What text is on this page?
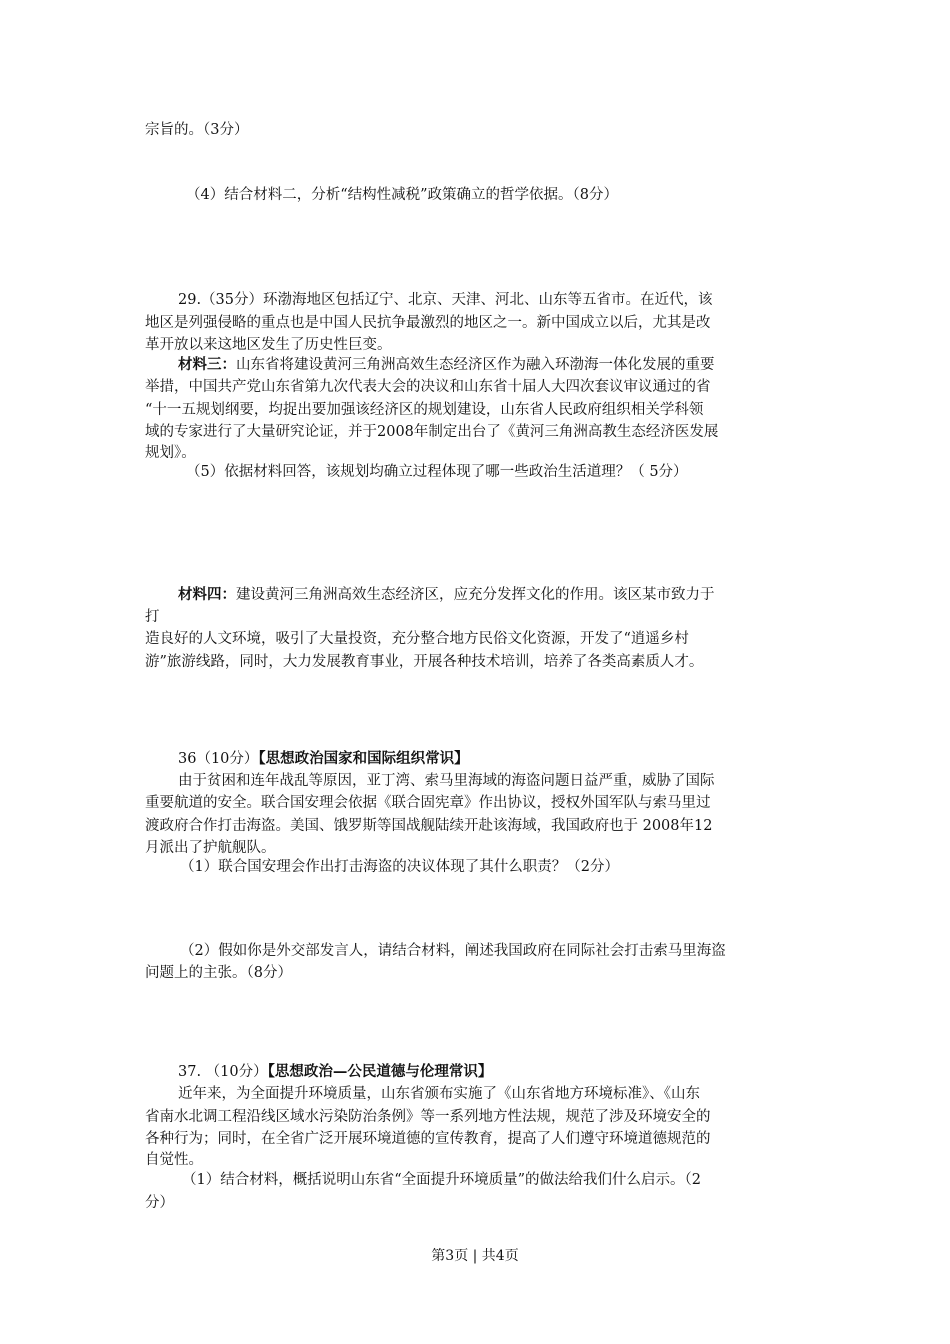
宗旨的。（3分）
（4）结合材料二，分析“结构性减税”政策确立的哲学依据。（8分）
29.（35分）环渤海地区包括辽宁、北京、天津、河北、山东等五省市。在近代，该
地区是列强侵略的重点也是中国人民抗争最激烈的地区之一。新中国成立以后，尤其是改
革开放以来这地区发生了历史性巨变。
材料三：山东省将建设黄河三角洲高效生态经济区作为融入环渤海一体化发展的重要
举措，中国共产党山东省第九次代表大会的决议和山东省十届人大四次套议审议通过的省
“十一五规划纲要，均捉出要加强该经济区的规划建设，山东省人民政府组织相关学科领
域的专家进行了大量研究论证，并于2008年制定出台了《黄河三角洲高教生态经济医发展
规划》。
（5）依据材料回答，该规划均确立过程体现了哪一些政治生活道理？（ 5分）
材料四：建设黄河三角洲高效生态经济区，应充分发挥文化的作用。该区某市致力于
打
造良好的人文环境，吸引了大量投资，充分整合地方民俗文化资源，开发了“逍遥乡村
游”旅游线路，同时，大力发展教育事业，开展各种技术培训，培养了各类高素质人才。
36（10分）【思想政治国家和国际组织常识】
由于贫困和连年战乱等原因，亚丁湾、索马里海域的海盗问题日益严重，威胁了国际
重要航道的安全。联合国安理会依据《联合固宪章》作出协议，授权外国军队与索马里过
渡政府合作打击海盗。美国、饿罗斯等国战舰陆续开赴该海域，我国政府也于 2008年12
月派出了护航舰队。
（1）联合国安理会作出打击海盗的决议体现了其什么职责？（2分）
（2）假如你是外交部发言人，请结合材料，阐述我国政府在同际社会打击索马里海盗
问题上的主张。（8分）
37. （10分）【思想政治—公民道德与伦理常识】
近年来，为全面提升环境质量，山东省颁布实施了《山东省地方环境标准》、《山东
省南水北调工程沿线区域水污染防治条例》等一系列地方性法规，规范了涉及环境安全的
各种行为；同时，在全省广泛开展环境道德的宣传教育，提高了人们遵守环境道德规范的
自觉性。
（1）结合材料，概括说明山东省“全面提升环境质量”的做法给我们什么启示。（2
分）
第3页 | 共4页
